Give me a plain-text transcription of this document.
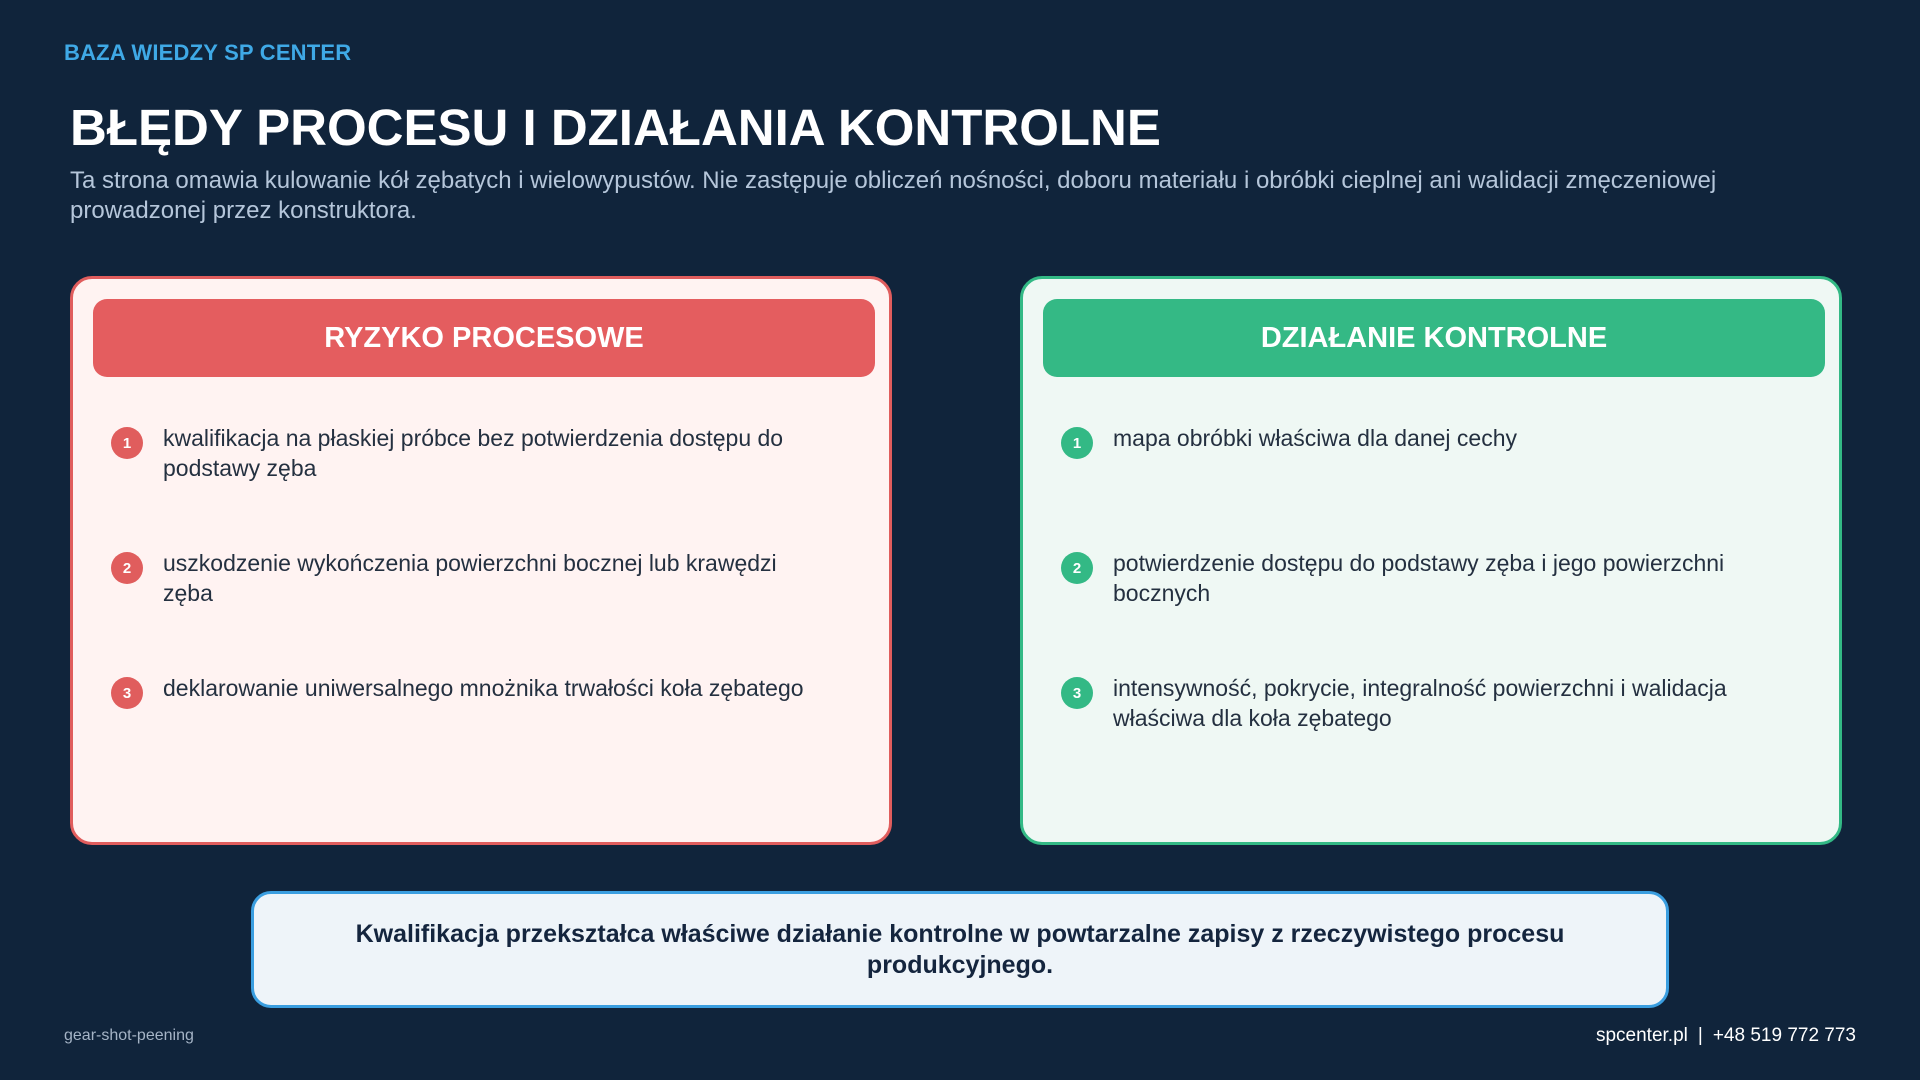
BAZA WIEDZY SP CENTER
BŁĘDY PROCESU I DZIAŁANIA KONTROLNE

Ta strona omawia kulowanie kół zębatych i wielowypustów. Nie zastępuje obliczeń nośności, doboru materiału i obróbki cieplnej ani walidacji zmęczeniowej prowadzonej przez konstruktora.

RYZYKO PROCESOWE
1	kwalifikacja na płaskiej próbce bez potwierdzenia dostępu do podstawy zęba
2	uszkodzenie wykończenia powierzchni bocznej lub krawędzi zęba
3	deklarowanie uniwersalnego mnożnika trwałości koła zębatego
DZIAŁANIE KONTROLNE
1	mapa obróbki właściwa dla danej cechy
2	potwierdzenie dostępu do podstawy zęba i jego powierzchni bocznych
3	intensywność, pokrycie, integralność powierzchni i walidacja właściwa dla koła zębatego
Kwalifikacja przekształca właściwe działanie kontrolne w powtarzalne zapisy z rzeczywistego procesu produkcyjnego.
gear-shot-peening	spcenter.pl | +48 519 772 773
